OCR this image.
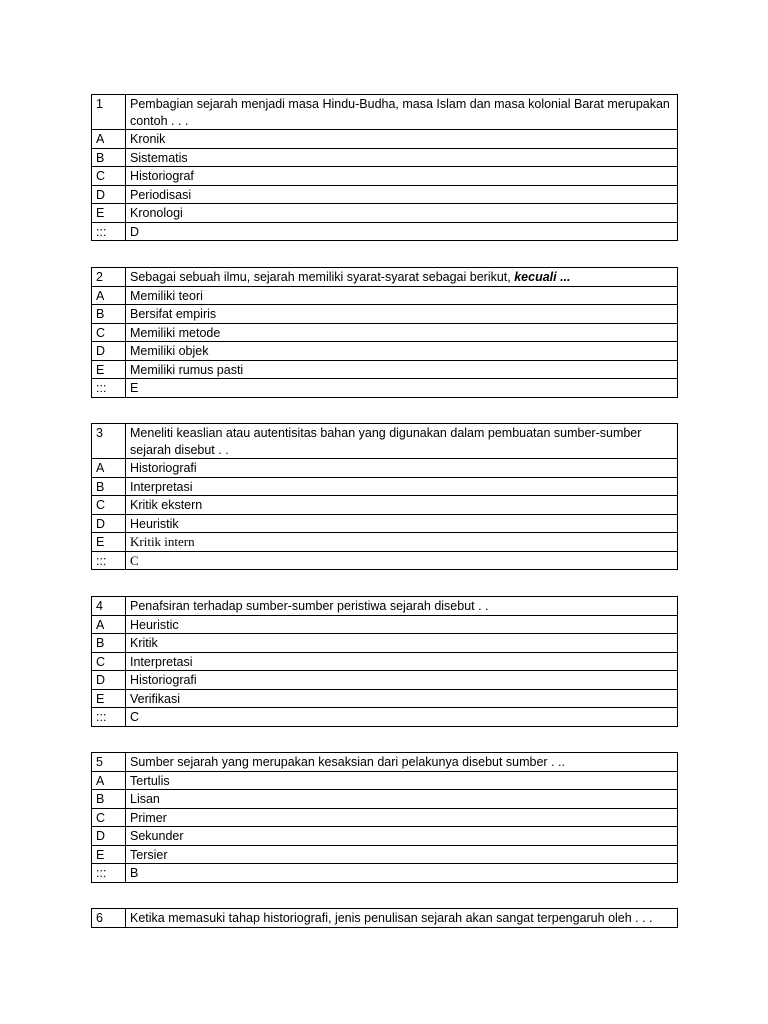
1	Pembagian sejarah menjadi masa Hindu-Budha, masa Islam dan masa kolonial Barat merupakan contoh . . .
A	Kronik
B	Sistematis
C	Historiograf
D	Periodisasi
E	Kronologi
:::	D
2	Sebagai sebuah ilmu, sejarah memiliki syarat-syarat sebagai berikut, kecuali ...
A	Memiliki teori
B	Bersifat empiris
C	Memiliki metode
D	Memiliki objek
E	Memiliki rumus pasti
:::	E
3	Meneliti keaslian atau autentisitas bahan yang digunakan dalam pembuatan sumber-sumber sejarah disebut . .
A	Historiografi
B	Interpretasi
C	Kritik ekstern
D	Heuristik
E	Kritik intern
:::	C
4	Penafsiran terhadap sumber-sumber peristiwa sejarah disebut . .
A	Heuristic
B	Kritik
C	Interpretasi
D	Historiografi
E	Verifikasi
:::	C
5	Sumber sejarah yang merupakan kesaksian dari pelakunya disebut sumber . ..
A	Tertulis
B	Lisan
C	Primer
D	Sekunder
E	Tersier
:::	B
6	Ketika memasuki tahap historiografi, jenis penulisan sejarah akan sangat terpengaruh oleh . . .
